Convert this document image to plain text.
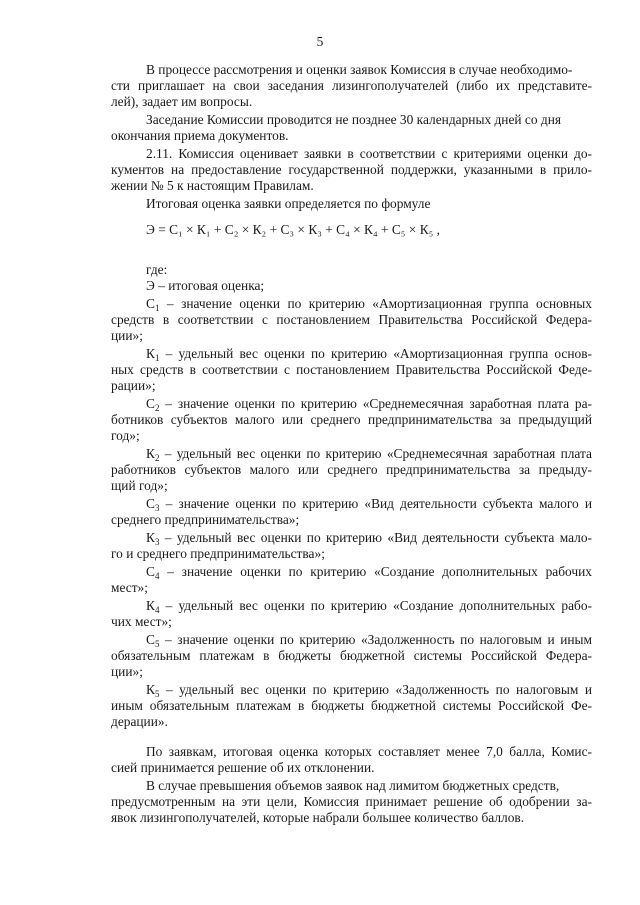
5
В процессе рассмотрения и оценки заявок Комиссия в случае необходимо-
сти приглашает на свои заседания лизингополучателей (либо их представите-
лей), задает им вопросы.
Заседание Комиссии проводится не позднее 30 календарных дней со дня
окончания приема документов.
2.11. Комиссия оценивает заявки в соответствии с критериями оценки до-
кументов на предоставление государственной поддержки, указанными в прило-
жении № 5 к настоящим Правилам.
Итоговая оценка заявки определяется по формуле
Э = С₁ × К₁ + С₂ × К₂ + С₃ × К₃ + С₄ × К₄ + С₅ × К₅ ,
где:
Э – итоговая оценка;
$С_1$ – значение оценки по критерию «Амортизационная группа основных
средств в соответствии с постановлением Правительства Российской Федера-
ции»;
$К_1$ – удельный вес оценки по критерию «Амортизационная группа основ-
ных средств в соответствии с постановлением Правительства Российской Феде-
рации»;
$С_2$ – значение оценки по критерию «Среднемесячная заработная плата ра-
ботников субъектов малого или среднего предпринимательства за предыдущий
год»;
$К_2$ – удельный вес оценки по критерию «Среднемесячная заработная плата
работников субъектов малого или среднего предпринимательства за предыду-
щий год»;
$С_3$ – значение оценки по критерию «Вид деятельности субъекта малого и
среднего предпринимательства»;
$К_3$ – удельный вес оценки по критерию «Вид деятельности субъекта мало-
го и среднего предпринимательства»;
$С_4$ – значение оценки по критерию «Создание дополнительных рабочих
мест»;
$К_4$ – удельный вес оценки по критерию «Создание дополнительных рабо-
чих мест»;
$С_5$ – значение оценки по критерию «Задолженность по налоговым и иным
обязательным платежам в бюджеты бюджетной системы Российской Федера-
ции»;
$К_5$ – удельный вес оценки по критерию «Задолженность по налоговым и
иным обязательным платежам в бюджеты бюджетной системы Российской Фе-
дерации».
По заявкам, итоговая оценка которых составляет менее 7,0 балла, Комис-
сией принимается решение об их отклонении.
В случае превышения объемов заявок над лимитом бюджетных средств,
предусмотренным на эти цели, Комиссия принимает решение об одобрении за-
явок лизингополучателей, которые набрали большее количество баллов.
